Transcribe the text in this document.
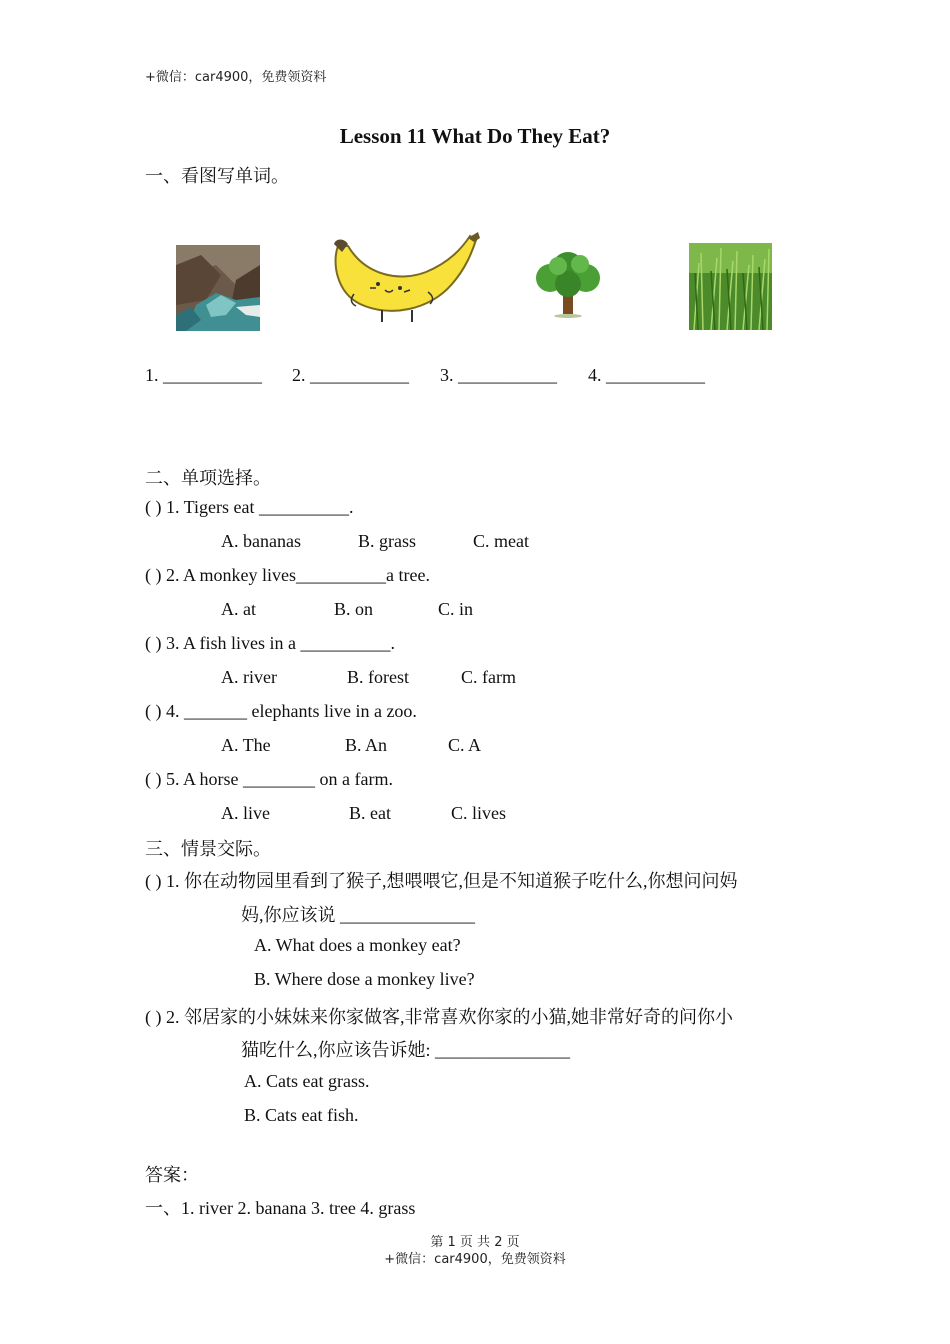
+微信：car4900，免费领资料
Lesson 11 What Do They Eat?
一、看图写单词。
1. ___________ 2. ___________ 3. ___________ 4. ___________
二、单项选择。
( ) 1. Tigers eat __________.
A. bananas	B. grass	C. meat
( ) 2. A monkey lives__________a tree.
A. at	B. on	C. in
( ) 3. A fish lives in a __________.
A. river	B. forest	C. farm
( ) 4. _______ elephants live in a zoo.
A. The	B. An	C. A
( ) 5. A horse ________ on a farm.
A. live	B. eat	C. lives
三、情景交际。
( ) 1. 你在动物园里看到了猴子,想喂喂它,但是不知道猴子吃什么,你想问问妈
妈,你应该说 _______________
A. What does a monkey eat?
B. Where dose a monkey live?
( ) 2. 邻居家的小妹妹来你家做客,非常喜欢你家的小猫,她非常好奇的问你小
猫吃什么,你应该告诉她: _______________
A. Cats eat grass.
B. Cats eat fish.
答案：
一、1. river 2. banana 3. tree 4. grass
第 1 页 共 2 页
+微信：car4900，免费领资料
